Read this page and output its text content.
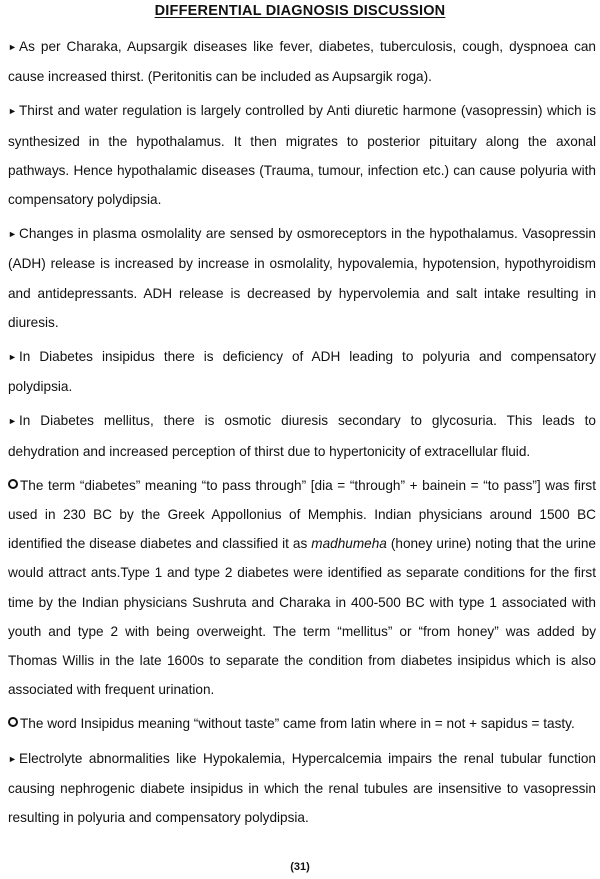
DIFFERENTIAL DIAGNOSIS DISCUSSION

► As per Charaka, Aupsargik diseases like fever, diabetes, tuberculosis, cough, dyspnoea can cause increased thirst. (Peritonitis can be included as Aupsargik roga).

► Thirst and water regulation is largely controlled by Anti diuretic harmone (vasopressin) which is synthesized in the hypothalamus. It then migrates to posterior pituitary along the axonal pathways. Hence hypothalamic diseases (Trauma, tumour, infection etc.) can cause polyuria with compensatory polydipsia.

► Changes in plasma osmolality are sensed by osmoreceptors in the hypothalamus. Vasopressin (ADH) release is increased by increase in osmolality, hypovalemia, hypotension, hypothyroidism and antidepressants. ADH release is decreased by hypervolemia and salt intake resulting in diuresis.

► In Diabetes insipidus there is deficiency of ADH leading to polyuria and compensatory polydipsia.

► In Diabetes mellitus, there is osmotic diuresis secondary to glycosuria. This leads to dehydration and increased perception of thirst due to hypertonicity of extracellular fluid.

The term “diabetes” meaning “to pass through” [dia = “through” + bainein = “to pass”] was first used in 230 BC by the Greek Appollonius of Memphis. Indian physicians around 1500 BC identified the disease diabetes and classified it as madhumeha (honey urine) noting that the urine would attract ants.Type 1 and type 2 diabetes were identified as separate conditions for the first time by the Indian physicians Sushruta and Charaka in 400-500 BC with type 1 associated with youth and type 2 with being overweight. The term “mellitus” or “from honey” was added by Thomas Willis in the late 1600s to separate the condition from diabetes insipidus which is also associated with frequent urination.

The word Insipidus meaning “without taste” came from latin where in = not + sapidus = tasty.

► Electrolyte abnormalities like Hypokalemia, Hypercalcemia impairs the renal tubular function causing nephrogenic diabete insipidus in which the renal tubules are insensitive to vasopressin resulting in polyuria and compensatory polydipsia.

(31)
